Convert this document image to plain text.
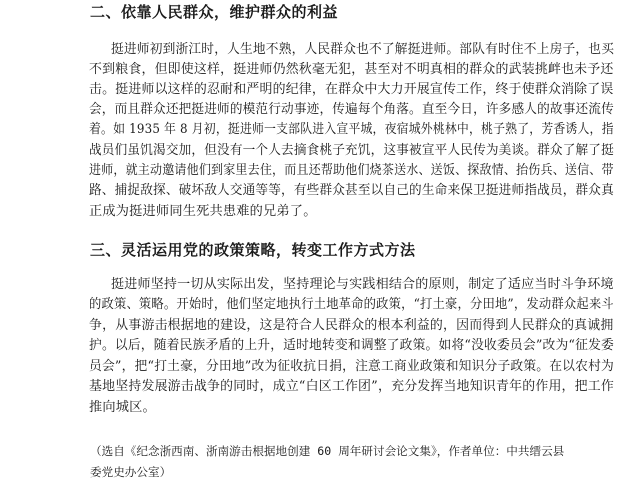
二、依靠人民群众，维护群众的利益
挺进师初到浙江时，人生地不熟，人民群众也不了解挺进师。部队有时住不上房子，也买
不到粮食，但即使这样，挺进师仍然秋毫无犯，甚至对不明真相的群众的武装挑衅也未予还
击。挺进师以这样的忍耐和严明的纪律，在群众中大力开展宣传工作，终于使群众消除了误
会，而且群众还把挺进师的模范行动事迹，传遍每个角落。直至今日，许多感人的故事还流传
着。如 1935 年 8 月初，挺进师一支部队进入宣平城，夜宿城外桃林中，桃子熟了，芳香诱人，指
战员们虽饥渴交加，但没有一个人去摘食桃子充饥，这事被宣平人民传为美谈。群众了解了挺
进师，就主动邀请他们到家里去住，而且还帮助他们烧茶送水、送饭、探敌情、抬伤兵、送信、带
路、捕捉敌探、破坏敌人交通等等，有些群众甚至以自己的生命来保卫挺进师指战员，群众真
正成为挺进师同生死共患难的兄弟了。
三、灵活运用党的政策策略，转变工作方式方法
挺进师坚持一切从实际出发，坚持理论与实践相结合的原则，制定了适应当时斗争环境
的政策、策略。开始时，他们坚定地执行土地革命的政策，“打土豪，分田地”，发动群众起来斗
争，从事游击根据地的建设，这是符合人民群众的根本利益的，因而得到人民群众的真诚拥
护。以后，随着民族矛盾的上升，适时地转变和调整了政策。如将“没收委员会”改为“征发委
员会”，把“打土豪，分田地”改为征收抗日捐，注意工商业政策和知识分子政策。在以农村为
基地坚持发展游击战争的同时，成立“白区工作团”，充分发挥当地知识青年的作用，把工作
推向城区。
（选自《纪念浙西南、浙南游击根据地创建 60 周年研讨会论文集》，作者单位：中共缙云县
委党史办公室）
